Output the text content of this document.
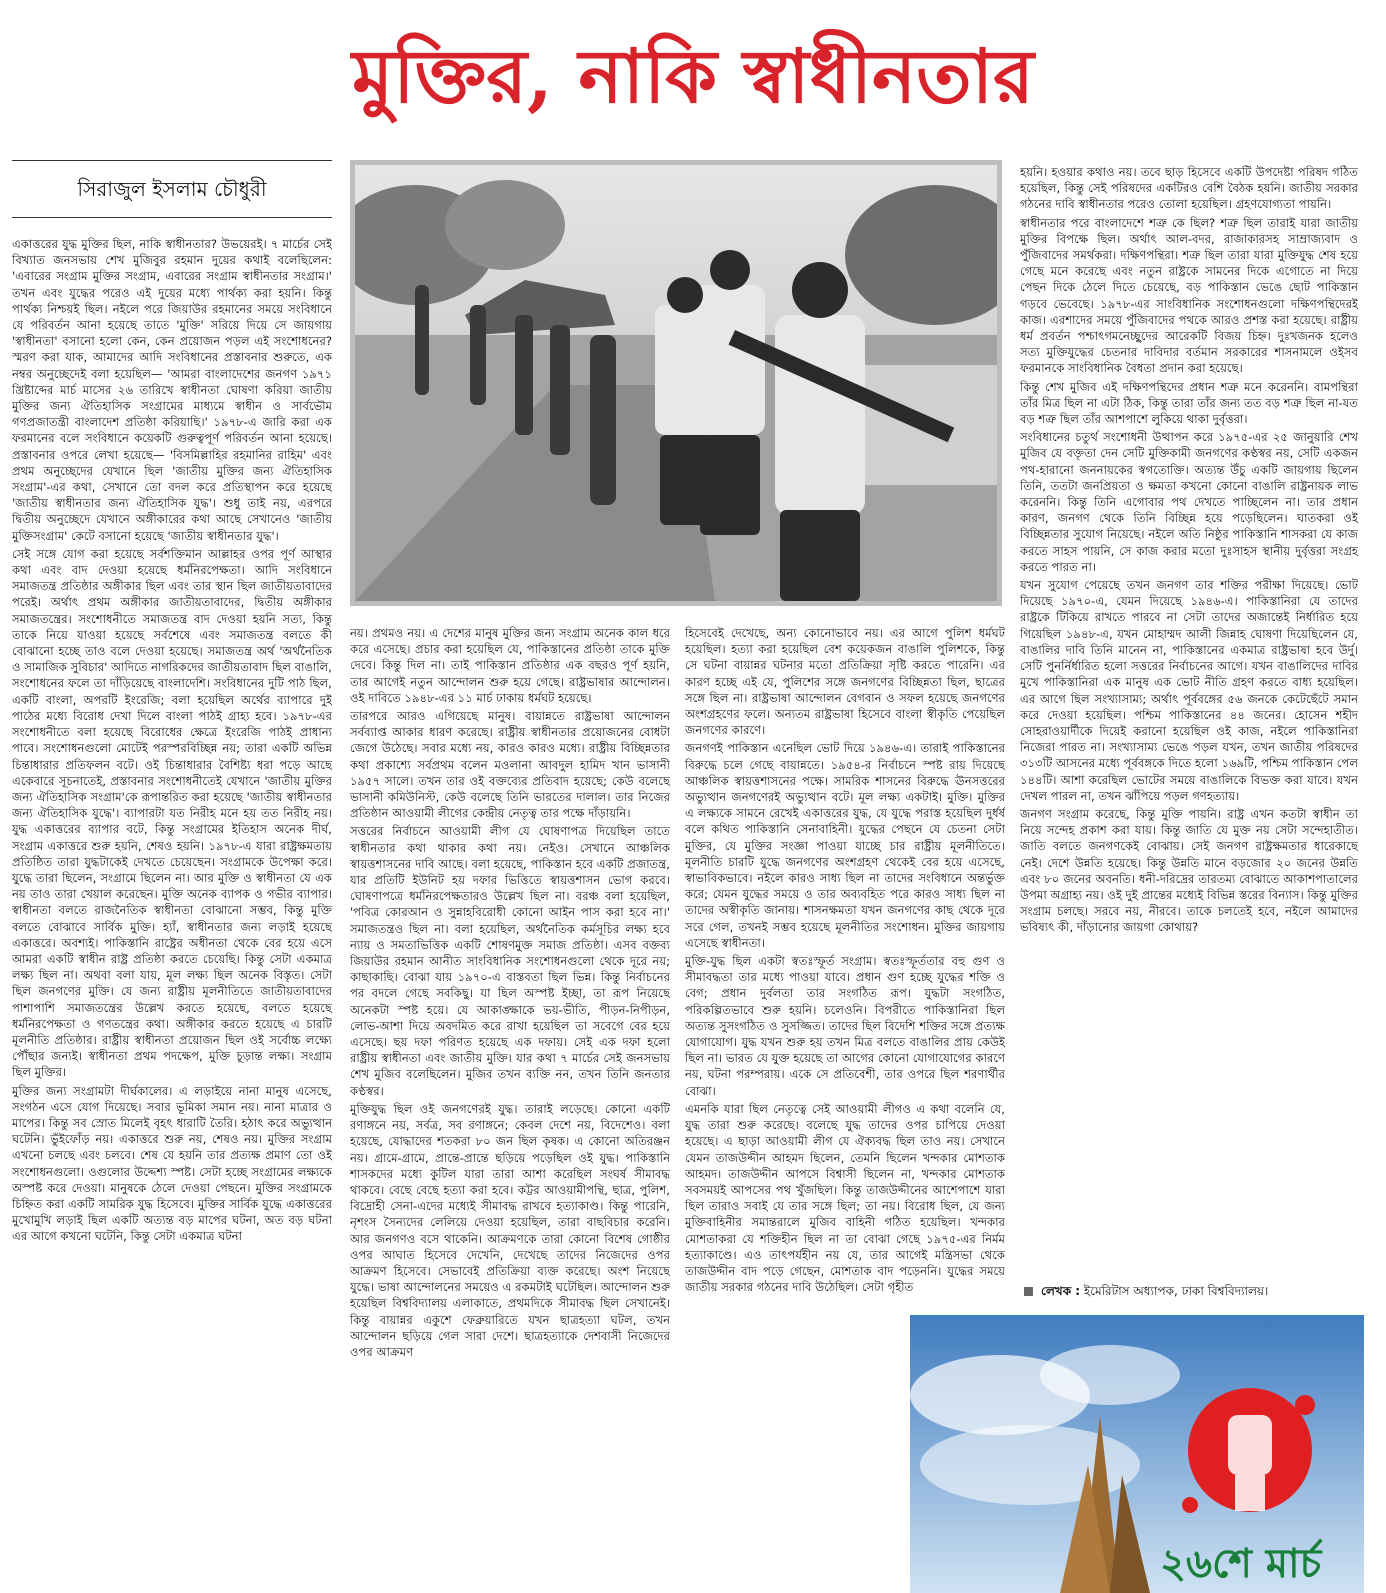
মুক্তির, নাকি স্বাধীনতার
সিরাজুল ইসলাম চৌধুরী

একাত্তরের যুদ্ধ মুক্তির ছিল, নাকি স্বাধীনতার? উভয়েরই। ৭ মার্চের সেই বিখ্যাত জনসভায় শেখ মুজিবুর রহমান দুয়ের কথাই বলেছিলেন: 'এবারের সংগ্রাম মুক্তির সংগ্রাম, এবারের সংগ্রাম স্বাধীনতার সংগ্রাম।' তখন এবং যুদ্ধের পরেও এই দুয়ের মধ্যে পার্থক্য করা হয়নি। কিন্তু পার্থক্য নিশ্চয়ই ছিল। নইলে পরে জিয়াউর রহমানের সময়ে সংবিধানে যে পরিবর্তন আনা হয়েছে তাতে 'মুক্তি' সরিয়ে দিয়ে সে জায়গায় 'স্বাধীনতা' বসানো হলো কেন, কেন প্রয়োজন পড়ল এই সংশোধনের? স্মরণ করা যাক, আমাদের আদি সংবিধানের প্রস্তাবনার শুরুতে, এক নম্বর অনুচ্ছেদেই বলা হয়েছিল— 'আমরা বাংলাদেশের জনগণ ১৯৭১ খ্রিষ্টাব্দের মার্চ মাসের ২৬ তারিখে স্বাধীনতা ঘোষণা করিয়া জাতীয় মুক্তির জন্য ঐতিহাসিক সংগ্রামের মাধ্যমে স্বাধীন ও সার্বভৌম গণপ্রজাতন্ত্রী বাংলাদেশ প্রতিষ্ঠা করিয়াছি।' ১৯৭৮-এ জারি করা এক ফরমানের বলে সংবিধানে কয়েকটি গুরুত্বপূর্ণ পরিবর্তন আনা হয়েছে। প্রস্তাবনার ওপরে লেখা হয়েছে— 'বিসমিল্লাহির রহমানির রাহিম' এবং প্রথম অনুচ্ছেদের যেখানে ছিল 'জাতীয় মুক্তির জন্য ঐতিহাসিক সংগ্রাম'-এর কথা, সেখানে তো বদল করে প্রতিস্থাপন করে হয়েছে 'জাতীয় স্বাধীনতার জন্য ঐতিহাসিক যুদ্ধ'। শুধু তাই নয়, এরপরে দ্বিতীয় অনুচ্ছেদে যেখানে অঙ্গীকারের কথা আছে সেখানেও 'জাতীয় মুক্তিসংগ্রাম' কেটে বসানো হয়েছে 'জাতীয় স্বাধীনতার যুদ্ধ'।

সেই সঙ্গে যোগ করা হয়েছে সর্বশক্তিমান আল্লাহর ওপর পূর্ণ আস্থার কথা এবং বাদ দেওয়া হয়েছে ধর্মনিরপেক্ষতা। আদি সংবিধানে সমাজতন্ত্র প্রতিষ্ঠার অঙ্গীকার ছিল এবং তার স্থান ছিল জাতীয়তাবাদের পরেই। অর্থাৎ প্রথম অঙ্গীকার জাতীয়তাবাদের, দ্বিতীয় অঙ্গীকার সমাজতন্ত্রের। সংশোধনীতে সমাজতন্ত্র বাদ দেওয়া হয়নি সত্য, কিন্তু তাকে নিয়ে যাওয়া হয়েছে সর্বশেষে এবং সমাজতন্ত্র বলতে কী বোঝানো হচ্ছে তাও বলে দেওয়া হয়েছে। সমাজতন্ত্র অর্থ 'অর্থনৈতিক ও সামাজিক সুবিচার' আদিতে নাগরিকদের জাতীয়তাবাদ ছিল বাঙালি, সংশোধনের ফলে তা দাঁড়িয়েছে বাংলাদেশি। সংবিধানের দুটি পাঠ ছিল, একটি বাংলা, অপরটি ইংরেজি; বলা হয়েছিল অর্থের ব্যাপারে দুই পাঠের মধ্যে বিরোধ দেখা দিলে বাংলা পাঠই গ্রাহ্য হবে। ১৯৭৮-এর সংশোধনীতে বলা হয়েছে বিরোধের ক্ষেত্রে ইংরেজি পাঠই প্রাধান্য পাবে। সংশোধনগুলো মোটেই পরস্পরবিচ্ছিন্ন নয়; তারা একটি অভিন্ন চিন্তাধারার প্রতিফলন বটে। ওই চিন্তাধারার বৈশিষ্ট্য ধরা পড়ে আছে একেবারে সূচনাতেই, প্রস্তাবনার সংশোধনীতেই যেখানে 'জাতীয় মুক্তির জন্য ঐতিহাসিক সংগ্রাম'কে রূপান্তরিত করা হয়েছে 'জাতীয় স্বাধীনতার জন্য ঐতিহাসিক যুদ্ধে'। ব্যাপারটা যত নিরীহ মনে হয় তত নিরীহ নয়। যুদ্ধ একাত্তরের ব্যাপার বটে, কিন্তু সংগ্রামের ইতিহাস অনেক দীর্ঘ, সংগ্রাম একাত্তরে শুরু হয়নি, শেষও হয়নি। ১৯৭৮-এ যারা রাষ্ট্রক্ষমতায় প্রতিষ্ঠিত তারা যুদ্ধটাকেই দেখতে চেয়েছেন। সংগ্রামকে উপেক্ষা করে। যুদ্ধে তারা ছিলেন, সংগ্রামে ছিলেন না। আর মুক্তি ও স্বাধীনতা যে এক নয় তাও তারা খেয়াল করেছেন। মুক্তি অনেক ব্যাপক ও গভীর ব্যাপার। স্বাধীনতা বলতে রাজনৈতিক স্বাধীনতা বোঝানো সম্ভব, কিন্তু মুক্তি বলতে বোঝাবে সার্বিক মুক্তি। হ্যাঁ, স্বাধীনতার জন্য লড়াই হয়েছে একাত্তরে। অবশ্যই। পাকিস্তানি রাষ্ট্রের অধীনতা থেকে বের হয়ে এসে আমরা একটি স্বাধীন রাষ্ট্র প্রতিষ্ঠা করতে চেয়েছি। কিন্তু সেটা একমাত্র লক্ষ্য ছিল না। অথবা বলা যায়, মূল লক্ষ্য ছিল অনেক বিস্তৃত। সেটা ছিল জনগণের মুক্তি। যে জন্য রাষ্ট্রীয় মূলনীতিতে জাতীয়তাবাদের পাশাপাশি সমাজতন্ত্রের উল্লেখ করতে হয়েছে, বলতে হয়েছে ধর্মনিরপেক্ষতা ও গণতন্ত্রের কথা। অঙ্গীকার করতে হয়েছে এ চারটি মূলনীতি প্রতিষ্ঠার। রাষ্ট্রীয় স্বাধীনতা প্রয়োজন ছিল ওই সর্বোচ্চ লক্ষ্যে পৌঁছার জন্যই। স্বাধীনতা প্রথম পদক্ষেপ, মুক্তি চূড়ান্ত লক্ষ্য। সংগ্রাম ছিল মুক্তির।

মুক্তির জন্য সংগ্রামটা দীর্ঘকালের। এ লড়াইয়ে নানা মানুষ এসেছে, সংগঠন এসে যোগ দিয়েছে। সবার ভূমিকা সমান নয়। নানা মাত্রার ও মাপের। কিন্তু সব স্রোত মিলেই বৃহৎ ধারাটি তৈরি। হঠাৎ করে অভ্যুত্থান ঘটেনি। ভুঁইফোঁড় নয়। একাত্তরে শুরু নয়, শেষও নয়। মুক্তির সংগ্রাম এখনো চলছে এবং চলবে। শেষ যে হয়নি তার প্রত্যক্ষ প্রমাণ তো ওই সংশোধনগুলো। ওগুলোর উদ্দেশ্য স্পষ্ট। সেটা হচ্ছে সংগ্রামের লক্ষ্যকে অস্পষ্ট করে দেওয়া। মানুষকে ঠেলে দেওয়া পেছনে। মুক্তির সংগ্রামকে চিহ্নিত করা একটি সামরিক যুদ্ধ হিসেবে। মুক্তির সার্বিক যুদ্ধে একাত্তরের মুখোমুখি লড়াই ছিল একটি অত্যন্ত বড় মাপের ঘটনা, অত বড় ঘটনা এর আগে কখনো ঘটেনি, কিন্তু সেটা একমাত্র ঘটনা

নয়। প্রথমও নয়। এ দেশের মানুষ মুক্তির জন্য সংগ্রাম অনেক কাল ধরে করে এসেছে। প্রচার করা হয়েছিল যে, পাকিস্তানের প্রতিষ্ঠা তাকে মুক্তি দেবে। কিন্তু দিল না। তাই পাকিস্তান প্রতিষ্ঠার এক বছরও পূর্ণ হয়নি, তার আগেই নতুন আন্দোলন শুরু হয়ে গেছে। রাষ্ট্রভাষার আন্দোলন। ওই দাবিতে ১৯৪৮-এর ১১ মার্চ ঢাকায় ধর্মঘট হয়েছে।

তারপরে আরও এগিয়েছে মানুষ। বায়ান্নতে রাষ্ট্রভাষা আন্দোলন সর্বব্যাপ্ত আকার ধারণ করেছে। রাষ্ট্রীয় স্বাধীনতার প্রয়োজনের বোধটা জেগে উঠেছে। সবার মধ্যে নয়, কারও কারও মধ্যে। রাষ্ট্রীয় বিচ্ছিন্নতার কথা প্রকাশ্যে সর্বপ্রথম বলেন মওলানা আবদুল হামিদ খান ভাসানী ১৯৫৭ সালে। তখন তার ওই বক্তব্যের প্রতিবাদ হয়েছে; কেউ বলেছে ভাসানী কমিউনিস্ট, কেউ বলেছে তিনি ভারতের দালাল। তার নিজের প্রতিষ্ঠান আওয়ামী লীগের কেন্দ্রীয় নেতৃত্ব তার পক্ষে দাঁড়ায়নি।

সত্তরের নির্বাচনে আওয়ামী লীগ যে ঘোষণাপত্র দিয়েছিল তাতে স্বাধীনতার কথা থাকার কথা নয়। নেইও। সেখানে আঞ্চলিক স্বায়ত্তশাসনের দাবি আছে। বলা হয়েছে, পাকিস্তান হবে একটি প্রজাতন্ত্র, যার প্রতিটি ইউনিট হয় দফার ভিত্তিতে স্বায়ত্তশাসন ভোগ করবে। ঘোষণাপত্রে ধর্মনিরপেক্ষতারও উল্লেখ ছিল না। বরঞ্চ বলা হয়েছিল, 'পবিত্র কোরআন ও সুন্নাহবিরোধী কোনো আইন পাস করা হবে না।' সমাজতন্ত্রও ছিল না। বলা হয়েছিল, অর্থনৈতিক কর্মসূচির লক্ষ্য হবে ন্যায় ও সমতাভিত্তিক একটি শোষণমুক্ত সমাজ প্রতিষ্ঠা। এসব বক্তব্য জিয়াউর রহমান আনীত সাংবিধানিক সংশোধনগুলো থেকে দূরে নয়; কাছাকাছি। বোঝা যায় ১৯৭০-এ বাস্তবতা ছিল ভিন্ন। কিন্তু নির্বাচনের পর বদলে গেছে সবকিছু। যা ছিল অস্পষ্ট ইচ্ছা, তা রূপ নিয়েছে অনেকটা স্পষ্ট হয়ে। যে আকাঙ্ক্ষাকে ভয়-ভীতি, পীড়ন-নিপীড়ন, লোভ-আশা দিয়ে অবদমিত করে রাখা হয়েছিল তা সবেগে বের হয়ে এসেছে। ছয় দফা পরিণত হয়েছে এক দফায়। সেই এক দফা হলো রাষ্ট্রীয় স্বাধীনতা এবং জাতীয় মুক্তি। যার কথা ৭ মার্চের সেই জনসভায় শেখ মুজিব বলেছিলেন। মুজিব তখন ব্যক্তি নন, তখন তিনি জনতার কণ্ঠস্বর।

মুক্তিযুদ্ধ ছিল ওই জনগণেরই যুদ্ধ। তারাই লড়েছে। কোনো একটি রণাঙ্গনে নয়, সর্বত্র, সব রণাঙ্গনে; কেবল দেশে নয়, বিদেশেও। বলা হয়েছে, যোদ্ধাদের শতকরা ৮০ জন ছিল কৃষক। এ কোনো অতিরঞ্জন নয়। গ্রামে-গ্রামে, প্রান্তে-প্রান্তে ছড়িয়ে পড়েছিল ওই যুদ্ধ। পাকিস্তানি শাসকদের মধ্যে কুটিল যারা তারা আশা করেছিল সংঘর্ষ সীমাবদ্ধ থাকবে। বেছে বেছে হত্যা করা হবে। কট্টর আওয়ামীপন্থি, ছাত্র, পুলিশ, বিদ্রোহী সেনা-এদের মধ্যেই সীমাবদ্ধ রাখবে হত্যাকাণ্ড। কিন্তু পারেনি, নৃশংস সৈন্যদের লেলিয়ে দেওয়া হয়েছিল, তারা বাছবিচার করেনি। আর জনগণও বসে থাকেনি। আক্রমণকে তারা কোনো বিশেষ গোষ্ঠীর ওপর আঘাত হিসেবে দেখেনি, দেখেছে তাদের নিজেদের ওপর আক্রমণ হিসেবে। সেভাবেই প্রতিক্রিয়া ব্যক্ত করেছে। অংশ নিয়েছে যুদ্ধে। ভাষা আন্দোলনের সময়েও এ রকমটাই ঘটেছিল। আন্দোলন শুরু হয়েছিল বিশ্ববিদ্যালয় এলাকাতে, প্রথমদিকে সীমাবদ্ধ ছিল সেখানেই। কিন্তু বায়ান্নর একুশে ফেব্রুয়ারিতে যখন ছাত্রহত্যা ঘটল, তখন আন্দোলন ছড়িয়ে গেল সারা দেশে। ছাত্রহত্যাকে দেশবাসী নিজেদের ওপর আক্রমণ

হিসেবেই দেখেছে, অন্য কোনোভাবে নয়। এর আগে পুলিশ ধর্মঘট হয়েছিল। হত্যা করা হয়েছিল বেশ কয়েকজন বাঙালি পুলিশকে, কিন্তু সে ঘটনা বায়ান্নর ঘটনার মতো প্রতিক্রিয়া সৃষ্টি করতে পারেনি। এর কারণ হচ্ছে এই যে, পুলিশের সঙ্গে জনগণের বিচ্ছিন্নতা ছিল, ছাত্রের সঙ্গে ছিল না। রাষ্ট্রভাষা আন্দোলন বেগবান ও সফল হয়েছে জনগণের অংশগ্রহণের ফলে। অন্যতম রাষ্ট্রভাষা হিসেবে বাংলা স্বীকৃতি পেয়েছিল জনগণের কারণে।

জনগণই পাকিস্তান এনেছিল ভোট দিয়ে ১৯৪৬-এ। তারাই পাকিস্তানের বিরুদ্ধে চলে গেছে বায়ান্নতে। ১৯৫৪-র নির্বাচনে স্পষ্ট রায় দিয়েছে আঞ্চলিক স্বায়ত্তশাসনের পক্ষে। সামরিক শাসনের বিরুদ্ধে ঊনসত্তরের অভ্যুত্থান জনগণেরই অভ্যুত্থান বটে। মূল লক্ষ্য একটাই। মুক্তি। মুক্তির এ লক্ষ্যকে সামনে রেখেই একাত্তরের যুদ্ধ, যে যুদ্ধে পরাস্ত হয়েছিল দুর্ধর্ষ বলে কথিত পাকিস্তানি সেনাবাহিনী। যুদ্ধের পেছনে যে চেতনা সেটা মুক্তির, যে মুক্তির সংজ্ঞা পাওয়া যাচ্ছে চার রাষ্ট্রীয় মূলনীতিতে। মূলনীতি চারটি যুদ্ধে জনগণের অংশগ্রহণ থেকেই বের হয়ে এসেছে, স্বাভাবিকভাবে। নইলে কারও সাধ্য ছিল না তাদের সংবিধানে অন্তর্ভুক্ত করে; যেমন যুদ্ধের সময়ে ও তার অব্যবহিত পরে কারও সাধ্য ছিল না তাদের অস্বীকৃতি জানায়। শাসনক্ষমতা যখন জনগণের কাছ থেকে দূরে সরে গেল, তখনই সম্ভব হয়েছে মূলনীতির সংশোধন। মুক্তির জায়গায় এসেছে স্বাধীনতা।

মুক্তি-যুদ্ধ ছিল একটা স্বতঃস্ফূর্ত সংগ্রাম। স্বতঃস্ফূর্ততার বহু গুণ ও সীমাবদ্ধতা তার মধ্যে পাওয়া যাবে। প্রধান গুণ হচ্ছে যুদ্ধের শক্তি ও বেগ; প্রধান দুর্বলতা তার সংগঠিত রূপ। যুদ্ধটা সংগঠিত, পরিকল্পিতভাবে শুরু হয়নি। চলেওনি। বিপরীতে পাকিস্তানিরা ছিল অত্যন্ত সুসংগঠিত ও সুসজ্জিত। তাদের ছিল বিদেশি শক্তির সঙ্গে প্রত্যক্ষ যোগাযোগ। যুদ্ধ যখন শুরু হয় তখন মিত্র বলতে বাঙালির প্রায় কেউই ছিল না। ভারত যে যুক্ত হয়েছে তা আগের কোনো যোগাযোগের কারণে নয়, ঘটনা পরম্পরায়। একে সে প্রতিবেশী, তার ওপরে ছিল শরণার্থীর বোঝা।

এমনকি যারা ছিল নেতৃত্বে সেই আওয়ামী লীগও এ কথা বলেনি যে, যুদ্ধ তারা শুরু করেছে। বলেছে যুদ্ধ তাদের ওপর চাপিয়ে দেওয়া হয়েছে। এ ছাড়া আওয়ামী লীগ যে ঐক্যবদ্ধ ছিল তাও নয়। সেখানে যেমন তাজউদ্দীন আহমদ ছিলেন, তেমনি ছিলেন খন্দকার মোশতাক আহমদ। তাজউদ্দীন আপসে বিশ্বাসী ছিলেন না, খন্দকার মোশতাক সবসময়ই আপসের পথ খুঁজছিল। কিন্তু তাজউদ্দীনের আশেপাশে যারা ছিল তারাও সবাই যে তার সঙ্গে ছিল; তা নয়। বিরোধ ছিল, যে জন্য মুক্তিবাহিনীর সমান্তরালে মুজিব বাহিনী গঠিত হয়েছিল। খন্দকার মোশতাকরা যে শক্তিহীন ছিল না তা বোঝা গেছে ১৯৭৫-এর নির্মম হত্যাকাণ্ডে। এও তাৎপর্যহীন নয় যে, তার আগেই মন্ত্রিসভা থেকে তাজউদ্দীন বাদ পড়ে গেছেন, মোশতাক বাদ পড়েননি। যুদ্ধের সময়ে জাতীয় সরকার গঠনের দাবি উঠেছিল। সেটা গৃহীত

হয়নি। হওয়ার কথাও নয়। তবে ছাড় হিসেবে একটি উপদেষ্টা পরিষদ গঠিত হয়েছিল, কিন্তু সেই পরিষদের একটিরও বেশি বৈঠক হয়নি। জাতীয় সরকার গঠনের দাবি স্বাধীনতার পরেও তোলা হয়েছিল। গ্রহণযোগ্যতা পায়নি।

স্বাধীনতার পরে বাংলাদেশে শত্রু কে ছিল? শত্রু ছিল তারাই যারা জাতীয় মুক্তির বিপক্ষে ছিল। অর্থাৎ আল-বদর, রাজাকারসহ সাম্রাজ্যবাদ ও পুঁজিবাদের সমর্থকরা। দক্ষিণপন্থিরা। শত্রু ছিল তারা যারা মুক্তিযুদ্ধ শেষ হয়ে গেছে মনে করেছে এবং নতুন রাষ্ট্রকে সামনের দিকে এগোতে না দিয়ে পেছন দিকে ঠেলে দিতে চেয়েছে, বড় পাকিস্তান ভেঙে ছোট পাকিস্তান গড়বে ভেবেছে। ১৯৭৮-এর সাংবিধানিক সংশোধনগুলো দক্ষিণপন্থিদেরই কাজ। এরশাদের সময়ে পুঁজিবাদের পথকে আরও প্রশস্ত করা হয়েছে। রাষ্ট্রীয় ধর্ম প্রবর্তন পশ্চাৎগমনেচ্ছুদের আরেকটি বিজয় চিহ্ন। দুঃখজনক হলেও সত্য মুক্তিযুদ্ধের চেতনার দাবিদার বর্তমান সরকারের শাসনামলে ওইসব ফরমানকে সাংবিধানিক বৈধতা প্রদান করা হয়েছে।

কিন্তু শেখ মুজিব এই দক্ষিণপন্থিদের প্রধান শত্রু মনে করেননি। বামপন্থিরা তাঁর মিত্র ছিল না এটা ঠিক, কিন্তু তারা তাঁর জন্য তত বড় শত্রু ছিল না-যত বড় শত্রু ছিল তাঁর আশপাশে লুকিয়ে থাকা দুর্বৃত্তরা।

সংবিধানের চতুর্থ সংশোধনী উত্থাপন করে ১৯৭৫-এর ২৫ জানুয়ারি শেখ মুজিব যে বক্তৃতা দেন সেটি মুক্তিকামী জনগণের কণ্ঠস্বর নয়, সেটি একজন পথ-হারানো জননায়কের স্বগতোক্তি। অত্যন্ত উঁচু একটি জায়গায় ছিলেন তিনি, ততটা জনপ্রিয়তা ও ক্ষমতা কখনো কোনো বাঙালি রাষ্ট্রনায়ক লাভ করেননি। কিন্তু তিনি এগোবার পথ দেখতে পাচ্ছিলেন না। তার প্রধান কারণ, জনগণ থেকে তিনি বিচ্ছিন্ন হয়ে পড়েছিলেন। ঘাতকরা ওই বিচ্ছিন্নতার সুযোগ নিয়েছে। নইলে অতি নিষ্ঠুর পাকিস্তানি শাসকরা যে কাজ করতে সাহস পায়নি, সে কাজ করার মতো দুঃসাহস স্থানীয় দুর্বৃত্তরা সংগ্রহ করতে পারত না।

যখন সুযোগ পেয়েছে তখন জনগণ তার শক্তির পরীক্ষা দিয়েছে। ভোট দিয়েছে ১৯৭০-এ, যেমন দিয়েছে ১৯৪৬-এ। পাকিস্তানিরা যে তাদের রাষ্ট্রকে টিকিয়ে রাখতে পারবে না সেটা তাদের অজান্তেই নির্ধারিত হয়ে গিয়েছিল ১৯৪৮-এ, যখন মোহাম্মদ আলী জিন্নাহ ঘোষণা দিয়েছিলেন যে, বাঙালির দাবি তিনি মানেন না, পাকিস্তানের একমাত্র রাষ্ট্রভাষা হবে উর্দু। সেটি পুনর্নির্ধারিত হলো সত্তরের নির্বাচনের আগে। যখন বাঙালিদের দাবির মুখে পাকিস্তানিরা এক মানুষ এক ভোট নীতি গ্রহণ করতে বাধ্য হয়েছিল। এর আগে ছিল সংখ্যাসাম্য; অর্থাৎ পূর্ববঙ্গের ৫৬ জনকে কেটেছেঁটে সমান করে দেওয়া হয়েছিল। পশ্চিম পাকিস্তানের ৪৪ জনের। হোসেন শহীদ সোহরাওয়ার্দীকে দিয়েই করানো হয়েছিল ওই কাজ, নইলে পাকিস্তানিরা নিজেরা পারত না। সংখ্যাসাম্য ভেঙে পড়ল যখন, তখন জাতীয় পরিষদের ৩১৩টি আসনের মধ্যে পূর্ববঙ্গকে দিতে হলো ১৬৯টি, পশ্চিম পাকিস্তান পেল ১৪৪টি। আশা করেছিল ভোটের সময়ে বাঙালিকে বিভক্ত করা যাবে। যখন দেখল পারল না, তখন ঝাঁপিয়ে পড়ল গণহত্যায়।

জনগণ সংগ্রাম করেছে, কিন্তু মুক্তি পায়নি। রাষ্ট্র এখন কতটা স্বাধীন তা নিয়ে সন্দেহ প্রকাশ করা যায়। কিন্তু জাতি যে মুক্ত নয় সেটা সন্দেহাতীত। জাতি বলতে জনগণকেই বোঝায়। সেই জনগণ রাষ্ট্রক্ষমতার ধারেকাছে নেই। দেশে উন্নতি হয়েছে। কিন্তু উন্নতি মানে বড়জোর ২০ জনের উন্নতি এবং ৮০ জনের অবনতি। ধনী-দরিদ্রের তারতম্য বোঝাতে আকাশপাতালের উপমা অগ্রাহ্য নয়। ওই দুই প্রান্তের মধ্যেই বিভিন্ন স্তরের বিন্যাস। কিন্তু মুক্তির সংগ্রাম চলছে। সরবে নয়, নীরবে। তাকে চলতেই হবে, নইলে আমাদের ভবিষ্যৎ কী, দাঁড়ানোর জায়গা কোথায়?

লেখক : ইমেরিটাস অধ্যাপক, ঢাকা বিশ্ববিদ্যালয়।
২৬শে মার্চ
